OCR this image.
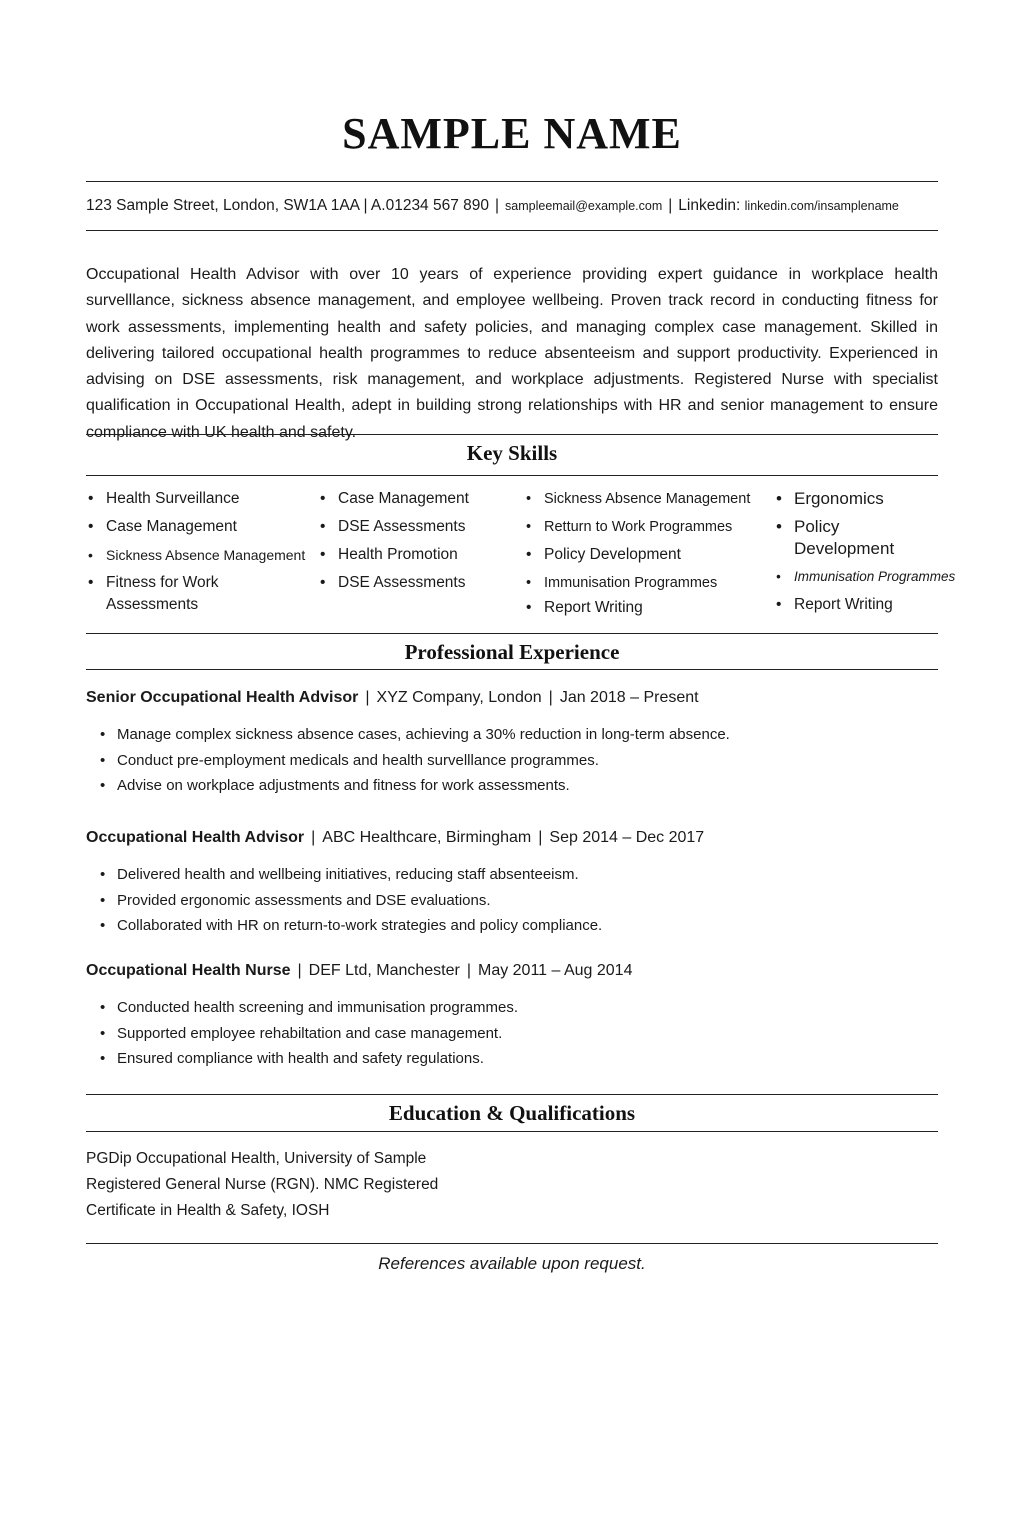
SAMPLE NAME
123 Sample Street, London, SW1A 1AA | A.01234 567 890 | sampleemail@example.com | Linkedin: linkedin.com/insamplename

Occupational Health Advisor with over 10 years of experience providing expert guidance in workplace health survelllance, sickness absence management, and employee wellbeing. Proven track record in conducting fitness for work assessments, implementing health and safety policies, and managing complex case management. Skilled in delivering tailored occupational health programmes to reduce absenteeism and support productivity. Experienced in advising on DSE assessments, risk management, and workplace adjustments. Registered Nurse with specialist qualification in Occupational Health, adept in building strong relationships with HR and senior management to ensure compliance with UK health and safety.

Key Skills
• Health Surveillance
• Case Management
• Sickness Absence Management
• Fitness for Work Assessments
• Case Management
• DSE Assessments
• Health Promotion
• DSE Assessments
• Sickness Absence Management
• Retturn to Work Programmes
• Policy Development
• Immunisation Programmes
• Report Writing
• Ergonomics
• Policy Development
• Immunisation Programmes
• Report Writing
Professional Experience
Senior Occupational Health Advisor | XYZ Company, London | Jan 2018 – Present
• Manage complex sickness absence cases, achieving a 30% reduction in long-term absence.
• Conduct pre-employment medicals and health survelllance programmes.
• Advise on workplace adjustments and fitness for work assessments.
Occupational Health Advisor | ABC Healthcare, Birmingham | Sep 2014 – Dec 2017
• Delivered health and wellbeing initiatives, reducing staff absenteeism.
• Provided ergonomic assessments and DSE evaluations.
• Collaborated with HR on return-to-work strategies and policy compliance.
Occupational Health Nurse | DEF Ltd, Manchester | May 2011 – Aug 2014
• Conducted health screening and immunisation programmes.
• Supported employee rehabiltation and case management.
• Ensured compliance with health and safety regulations.
Education & Qualifications
PGDip Occupational Health, University of Sample
Registered General Nurse (RGN). NMC Registered
Certificate in Health & Safety, IOSH
References available upon request.
